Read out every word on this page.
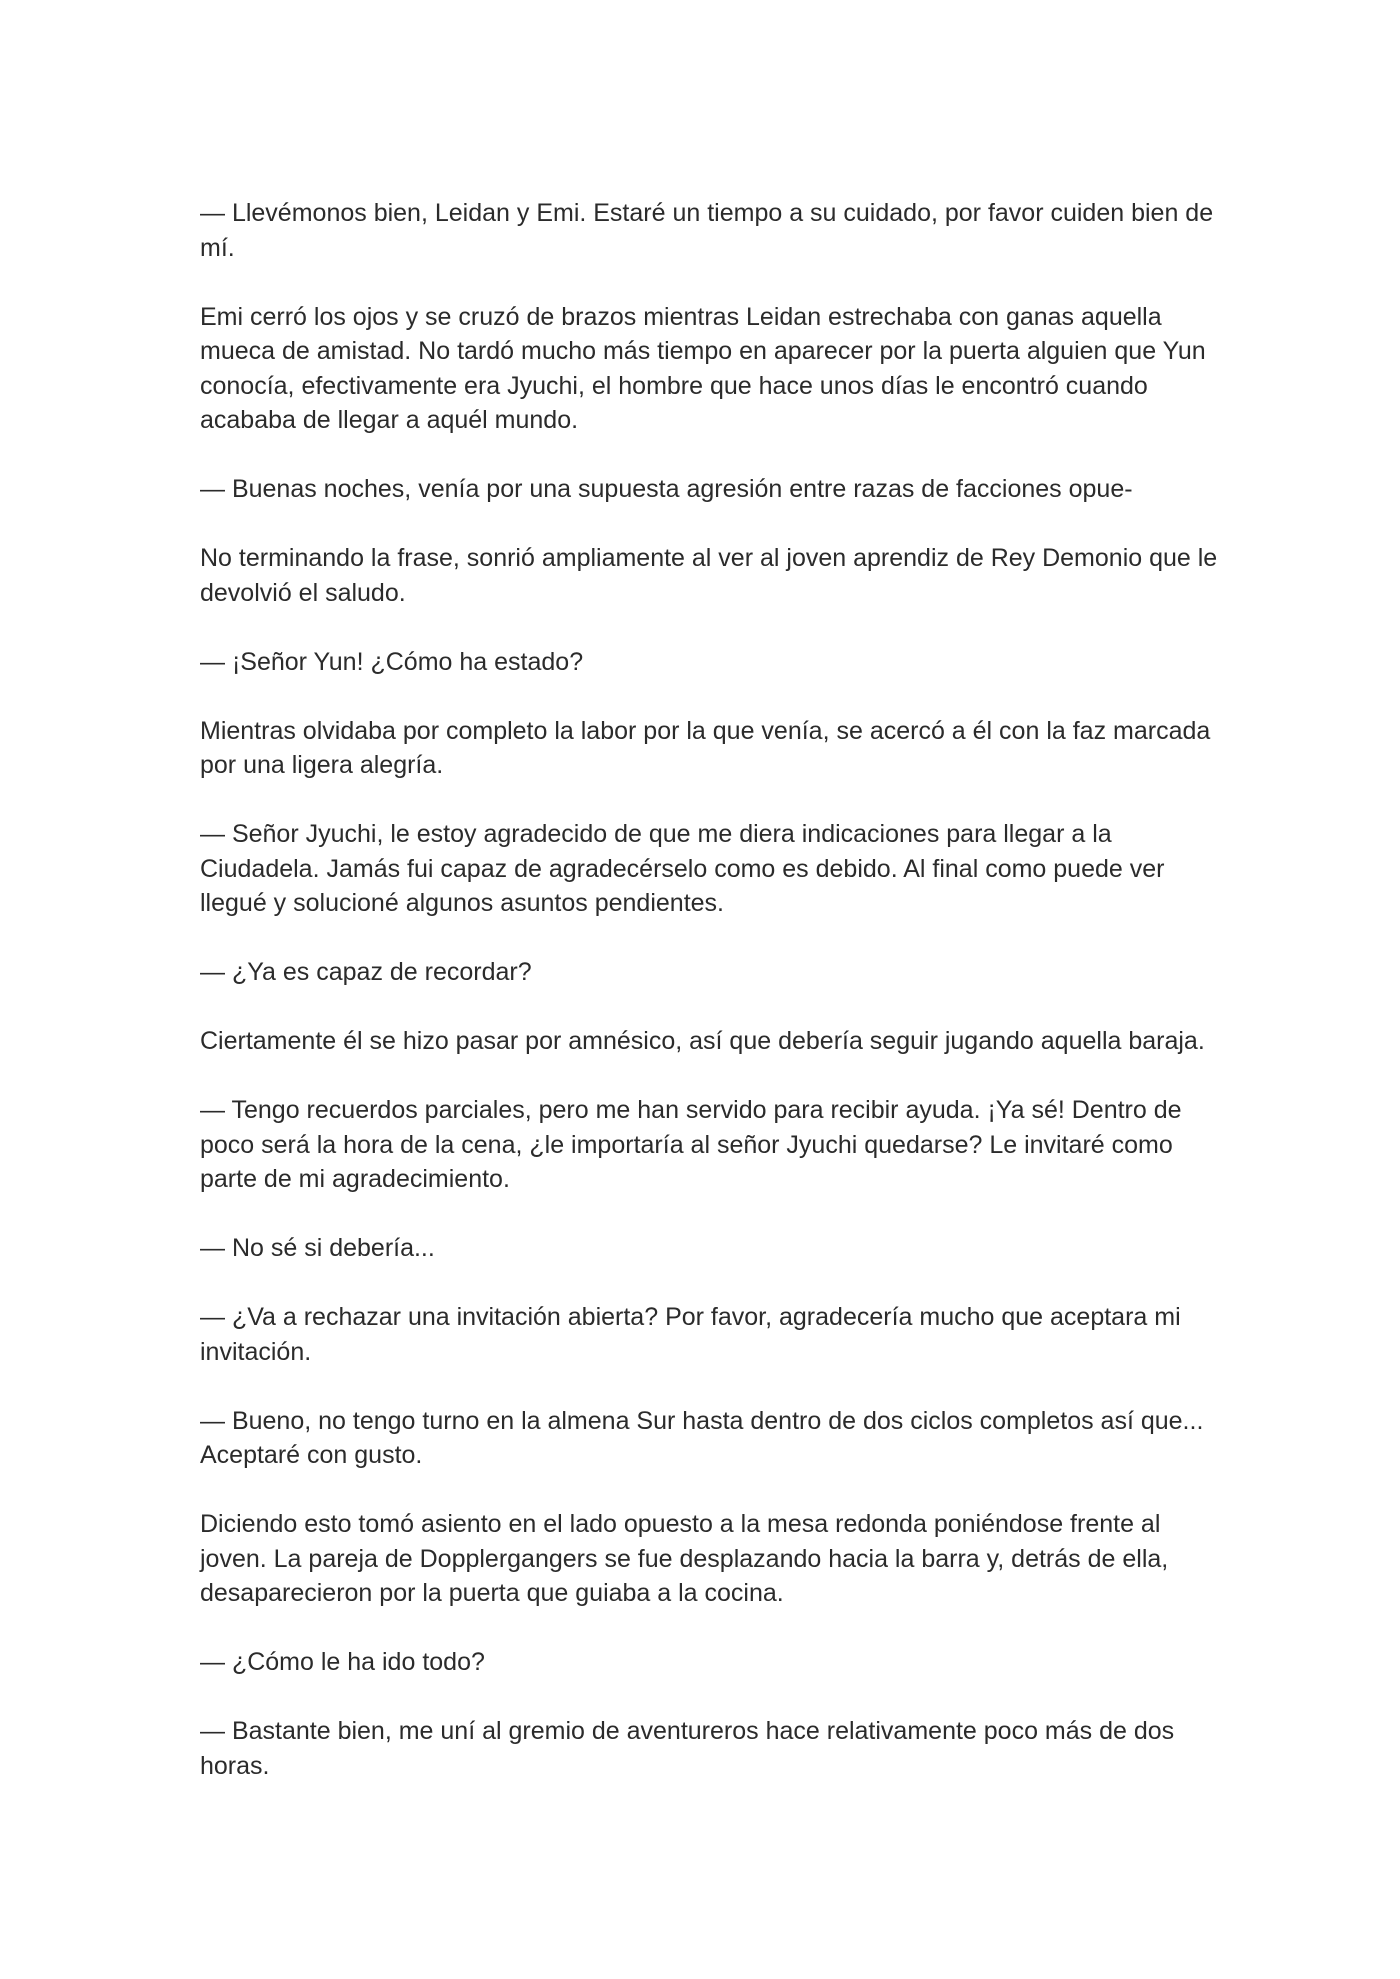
— Llevémonos bien, Leidan y Emi. Estaré un tiempo a su cuidado, por favor cuiden bien de mí.

Emi cerró los ojos y se cruzó de brazos mientras Leidan estrechaba con ganas aquella mueca de amistad. No tardó mucho más tiempo en aparecer por la puerta alguien que Yun conocía, efectivamente era Jyuchi, el hombre que hace unos días le encontró cuando acababa de llegar a aquél mundo.

— Buenas noches, venía por una supuesta agresión entre razas de facciones opue-

No terminando la frase, sonrió ampliamente al ver al joven aprendiz de Rey Demonio que le devolvió el saludo.

— ¡Señor Yun! ¿Cómo ha estado?

Mientras olvidaba por completo la labor por la que venía, se acercó a él con la faz marcada por una ligera alegría.

— Señor Jyuchi, le estoy agradecido de que me diera indicaciones para llegar a la Ciudadela. Jamás fui capaz de agradecérselo como es debido. Al final como puede ver llegué y solucioné algunos asuntos pendientes.

— ¿Ya es capaz de recordar?

Ciertamente él se hizo pasar por amnésico, así que debería seguir jugando aquella baraja.

— Tengo recuerdos parciales, pero me han servido para recibir ayuda. ¡Ya sé! Dentro de poco será la hora de la cena, ¿le importaría al señor Jyuchi quedarse? Le invitaré como parte de mi agradecimiento.

— No sé si debería...

— ¿Va a rechazar una invitación abierta? Por favor, agradecería mucho que aceptara mi invitación.

— Bueno, no tengo turno en la almena Sur hasta dentro de dos ciclos completos así que... Aceptaré con gusto.

Diciendo esto tomó asiento en el lado opuesto a la mesa redonda poniéndose frente al joven. La pareja de Dopplergangers se fue desplazando hacia la barra y, detrás de ella, desaparecieron por la puerta que guiaba a la cocina.

— ¿Cómo le ha ido todo?

— Bastante bien, me uní al gremio de aventureros hace relativamente poco más de dos horas.
